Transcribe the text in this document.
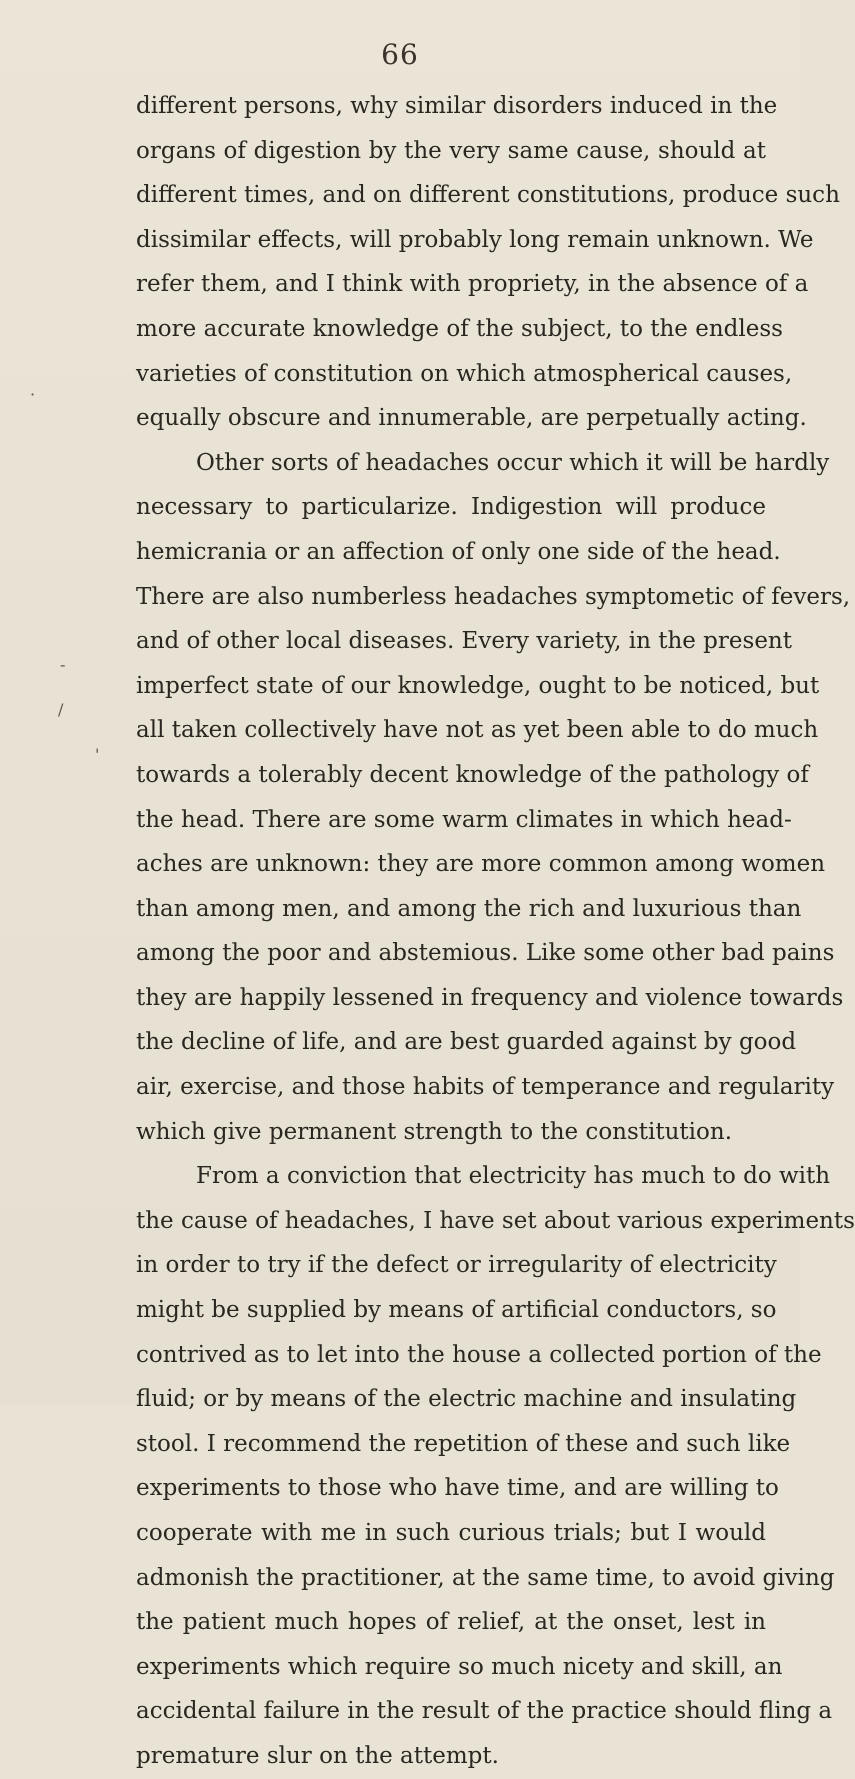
66
·
-
/
'
different persons, why similar disorders induced in the
organs of digestion by the very same cause, should at
different times, and on different constitutions, produce such
dissimilar effects, will probably long remain unknown. We
refer them, and I think with propriety, in the absence of a
more accurate knowledge of the subject, to the endless
varieties of constitution on which atmospherical causes,
equally obscure and innumerable, are perpetually acting.
Other sorts of headaches occur which it will be hardly
necessary to particularize. Indigestion will produce
hemicrania or an affection of only one side of the head.
There are also numberless headaches symptometic of fevers,
and of other local diseases. Every variety, in the present
imperfect state of our knowledge, ought to be noticed, but
all taken collectively have not as yet been able to do much
towards a tolerably decent knowledge of the pathology of
the head. There are some warm climates in which head-
aches are unknown: they are more common among women
than among men, and among the rich and luxurious than
among the poor and abstemious. Like some other bad pains
they are happily lessened in frequency and violence towards
the decline of life, and are best guarded against by good
air, exercise, and those habits of temperance and regularity
which give permanent strength to the constitution.
From a conviction that electricity has much to do with
the cause of headaches, I have set about various experiments
in order to try if the defect or irregularity of electricity
might be supplied by means of artificial conductors, so
contrived as to let into the house a collected portion of the
fluid; or by means of the electric machine and insulating
stool. I recommend the repetition of these and such like
experiments to those who have time, and are willing to
cooperate with me in such curious trials; but I would
admonish the practitioner, at the same time, to avoid giving
the patient much hopes of relief, at the onset, lest in
experiments which require so much nicety and skill, an
accidental failure in the result of the practice should fling a
premature slur on the attempt.
